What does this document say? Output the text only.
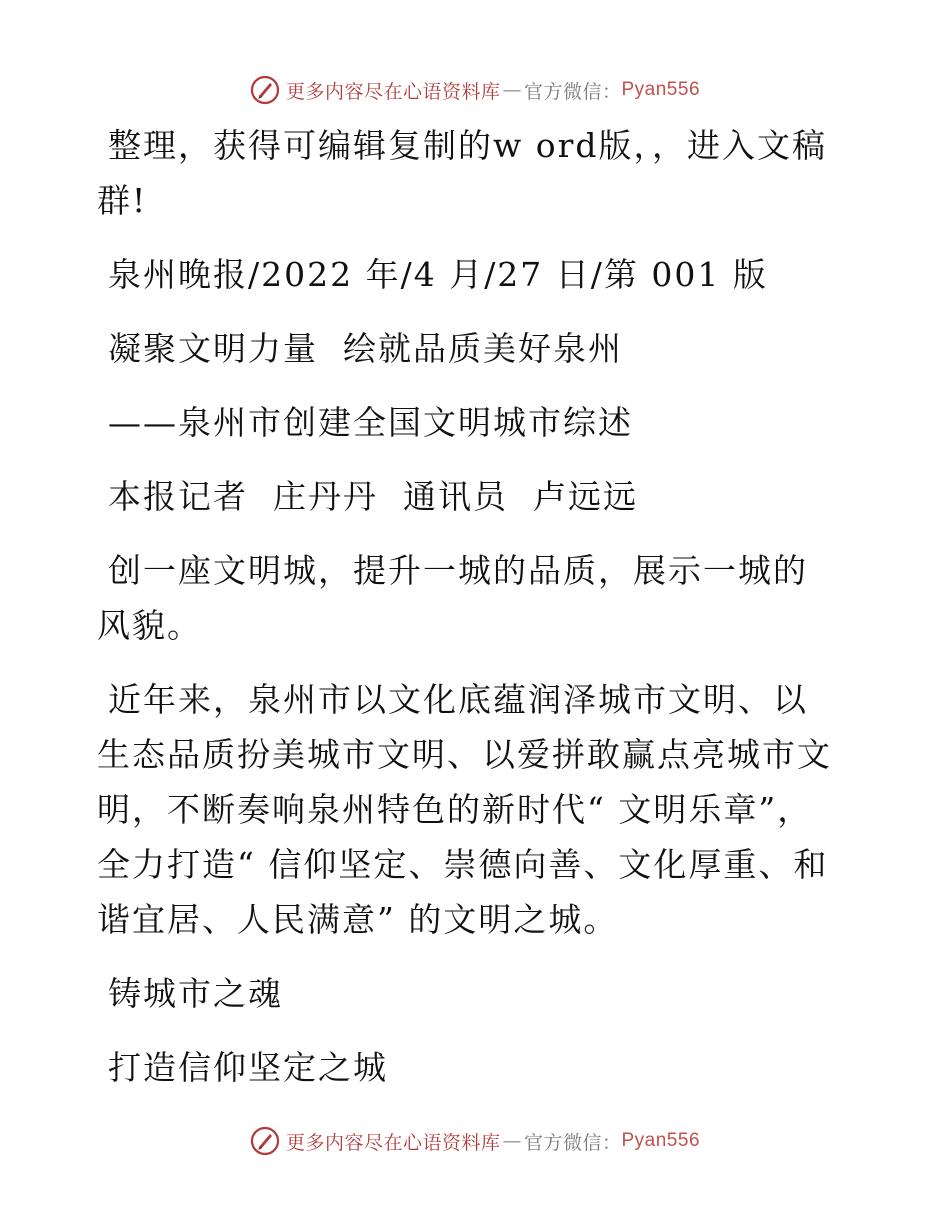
更多内容尽在心语资料库 — 官方微信： Pyan556

整理，获得可编辑复制的w ord版，，进入文稿群!

泉州晚报/2022 年/4 月/27 日/第 001 版

凝聚文明力量  绘就品质美好泉州

——泉州市创建全国文明城市综述

本报记者  庄丹丹  通讯员  卢远远

创一座文明城，提升一城的品质，展示一城的风貌。

近年来，泉州市以文化底蕴润泽城市文明、以生态品质扮美城市文明、以爱拼敢赢点亮城市文明，不断奏响泉州特色的新时代“ 文明乐章”，全力打造“ 信仰坚定、崇德向善、文化厚重、和谐宜居、人民满意” 的文明之城。

铸城市之魂

打造信仰坚定之城

更多内容尽在心语资料库 — 官方微信： Pyan556
